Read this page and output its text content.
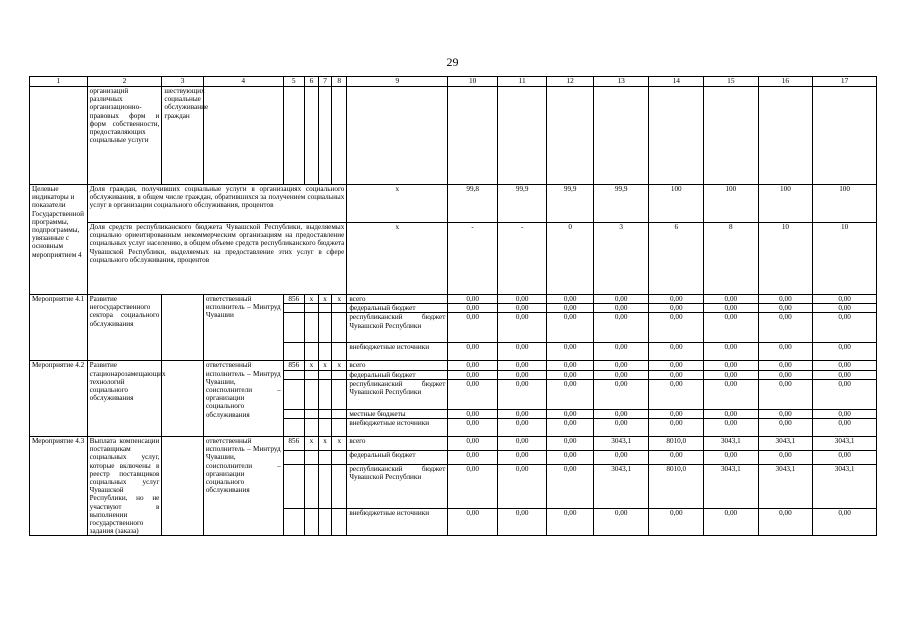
29
1	2	3	4	5	6	7	8	9	10	11	12	13	14	15	16	17
	организаций различных организационно-правовых форм и форм собственности, предоставляющих социальные услуги	шествующих социальные обслуживание граждан														
Целевые индикаторы и показатели Государственной программы, подпрограммы, увязанные с основным мероприятием 4	Доля граждан, получивших социальные услуги в организациях социального обслуживания, в общем числе граждан, обратившихся за получением социальных услуг в организации социального обслуживания, процентов							х	99,8	99,9	99,9	99,9	100	100	100	100
	Доля средств республиканского бюджета Чувашской Республики, выделяемых социально ориентированным некоммерческим организациям на предоставление социальных услуг населению, в общем объеме средств республиканского бюджета Чувашской Республики, выделяемых на предоставление этих услуг в сфере социального обслуживания, процентов							х	-	-	0	3	6	8	10	10
Мероприятие 4.1	Развитие негосударственного сектора социального обслуживания		ответственный исполнитель – Минтруд Чувашии	856	х	х	х	всего	0,00	0,00	0,00	0,00	0,00	0,00	0,00	0,00
								федеральный бюджет	0,00	0,00	0,00	0,00	0,00	0,00	0,00	0,00
								республиканский бюджет Чувашской Республики	0,00	0,00	0,00	0,00	0,00	0,00	0,00	0,00
								внебюджетные источники	0,00	0,00	0,00	0,00	0,00	0,00	0,00	0,00
Мероприятие 4.2	Развитие стационарозамещающих технологий социального обслуживания		ответственный исполнитель – Минтруд Чувашии, соисполнители – организации социального обслуживания	856	х	х	х	всего	0,00	0,00	0,00	0,00	0,00	0,00	0,00	0,00
								федеральный бюджет	0,00	0,00	0,00	0,00	0,00	0,00	0,00	0,00
								республиканский бюджет Чувашской Республики	0,00	0,00	0,00	0,00	0,00	0,00	0,00	0,00
								местные бюджеты	0,00	0,00	0,00	0,00	0,00	0,00	0,00	0,00
								внебюджетные источники	0,00	0,00	0,00	0,00	0,00	0,00	0,00	0,00
Мероприятие 4.3	Выплата компенсации поставщикам социальных услуг, которые включены в реестр поставщиков социальных услуг Чувашской Республики, но не участвуют в выполнении государственного задания (заказа)		ответственный исполнитель – Минтруд Чувашии, соисполнители – организации социального обслуживания	856	х	х	х	всего	0,00	0,00	0,00	3043,1	8010,0	3043,1	3043,1	3043,1
								федеральный бюджет	0,00	0,00	0,00	0,00	0,00	0,00	0,00	0,00
								республиканский бюджет Чувашской Республики	0,00	0,00	0,00	3043,1	8010,0	3043,1	3043,1	3043,1
								внебюджетные источники	0,00	0,00	0,00	0,00	0,00	0,00	0,00	0,00
